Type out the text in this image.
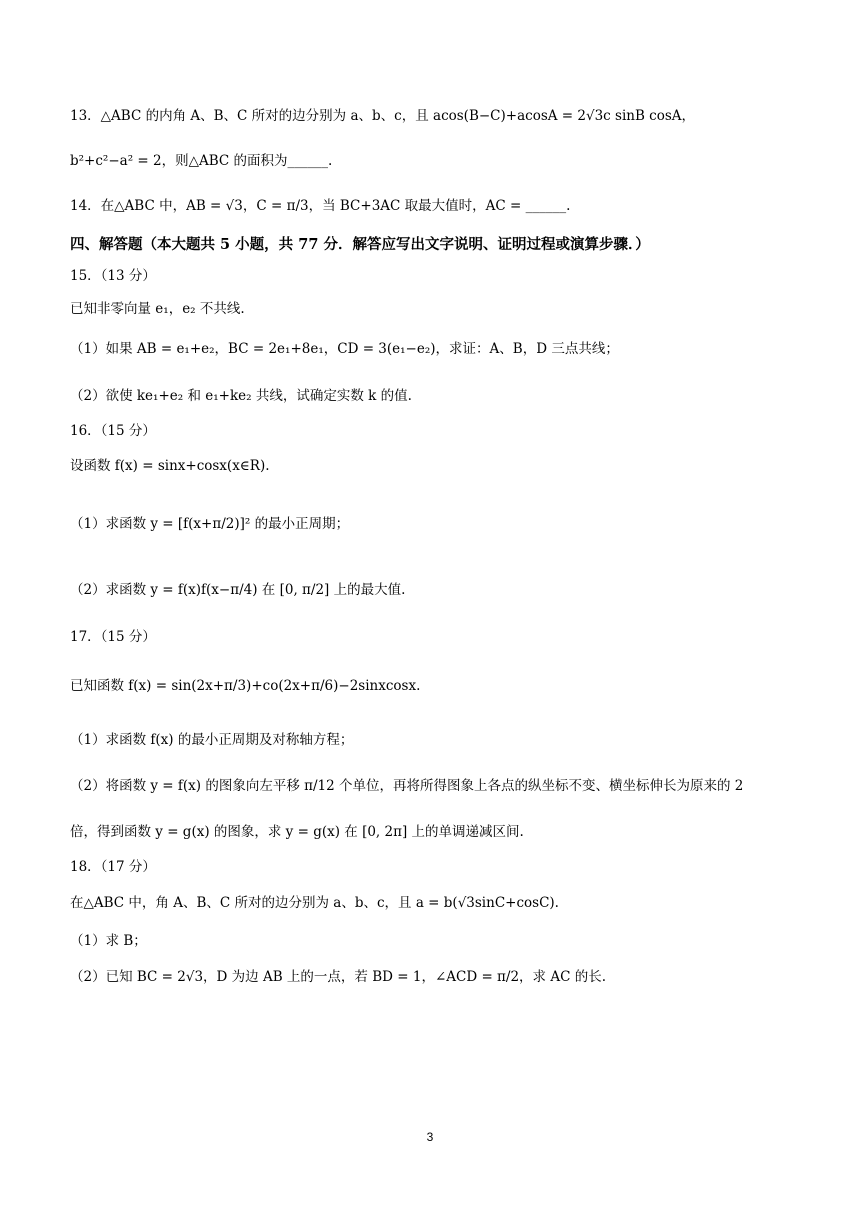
13．△ABC 的内角 A、B、C 所对的边分别为 a、b、c，且 acos(B−C)+acosA = 2√3c sinB cosA，
b²+c²−a² = 2，则△ABC 的面积为______.
14．在△ABC 中，AB = √3，C = π/3，当 BC+3AC 取最大值时，AC = ______.
四、解答题（本大题共 5 小题，共 77 分．解答应写出文字说明、证明过程或演算步骤．）
15．（13 分）
已知非零向量 e₁，e₂ 不共线.
（1）如果 AB = e₁+e₂，BC = 2e₁+8e₁，CD = 3(e₁−e₂)，求证：A、B，D 三点共线；
（2）欲使 ke₁+e₂ 和 e₁+ke₂ 共线，试确定实数 k 的值.
16．（15 分）
设函数 f(x) = sinx+cosx(x∈R).
（1）求函数 y = [f(x+π/2)]² 的最小正周期；
（2）求函数 y = f(x)f(x−π/4) 在 [0, π/2] 上的最大值.
17．（15 分）
已知函数 f(x) = sin(2x+π/3)+co(2x+π/6)−2sinxcosx.
（1）求函数 f(x) 的最小正周期及对称轴方程；
（2）将函数 y = f(x) 的图象向左平移 π/12 个单位，再将所得图象上各点的纵坐标不变、横坐标伸长为原来的 2
倍，得到函数 y = g(x) 的图象，求 y = g(x) 在 [0, 2π] 上的单调递减区间.
18．（17 分）
在△ABC 中，角 A、B、C 所对的边分别为 a、b、c，且 a = b(√3sinC+cosC).
（1）求 B；
（2）已知 BC = 2√3，D 为边 AB 上的一点，若 BD = 1，∠ACD = π/2，求 AC 的长.
3
